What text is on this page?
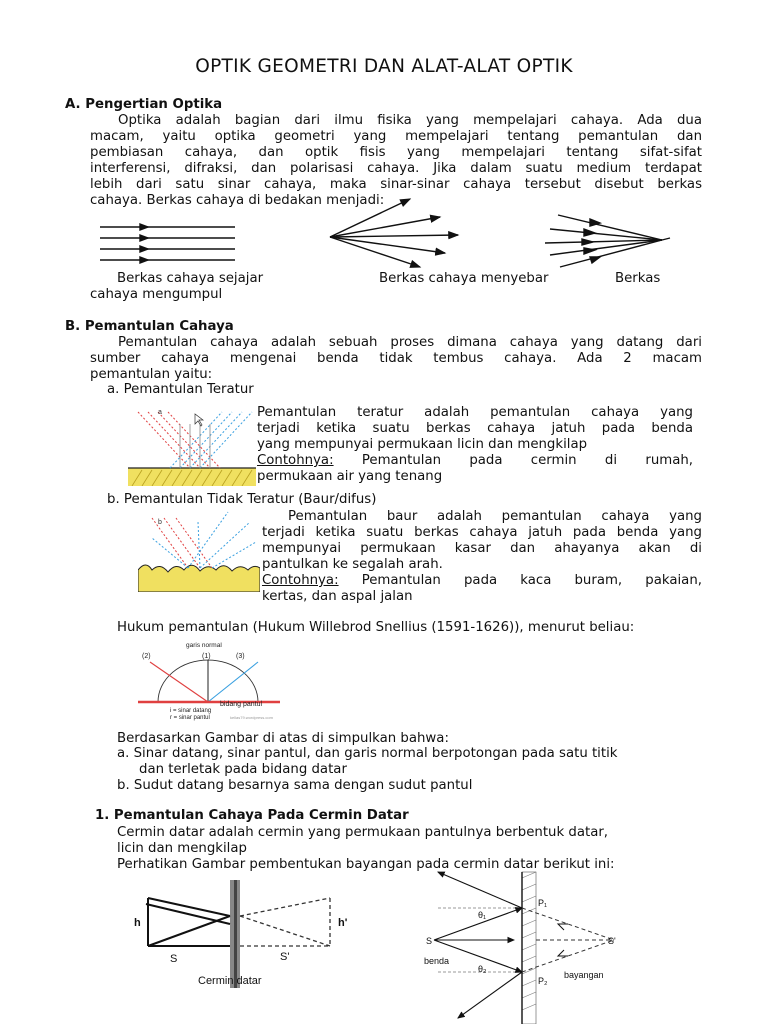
OPTIK GEOMETRI DAN ALAT-ALAT OPTIK
A. Pengertian Optika
Optika adalah bagian dari ilmu fisika yang mempelajari cahaya. Ada dua
macam, yaitu optika geometri yang mempelajari tentang pemantulan dan
pembiasan cahaya, dan optik fisis yang mempelajari tentang sifat-sifat
interferensi, difraksi, dan polarisasi cahaya. Jika dalam suatu medium terdapat
lebih dari satu sinar cahaya, maka sinar-sinar cahaya tersebut disebut berkas
cahaya. Berkas cahaya di bedakan menjadi:
Berkas cahaya sejajar	Berkas cahaya menyebar	Berkas
cahaya mengumpul
B. Pemantulan Cahaya
Pemantulan cahaya adalah sebuah proses dimana cahaya yang datang dari
sumber cahaya mengenai benda tidak tembus cahaya. Ada 2 macam
pemantulan yaitu:
a. Pemantulan Teratur
a	Pemantulan teratur adalah pemantulan cahaya yang
terjadi ketika suatu berkas cahaya jatuh pada benda
yang mempunyai permukaan licin dan mengkilap
Contohnya: Pemantulan pada cermin di rumah,
permukaan air yang tenang
b. Pemantulan Tidak Teratur (Baur/difus)
b	Pemantulan baur adalah pemantulan cahaya yang
terjadi ketika suatu berkas cahaya jatuh pada benda yang
mempunyai permukaan kasar dan ahayanya akan di
pantulkan ke segalah arah.
Contohnya: Pemantulan pada kaca buram, pakaian,
kertas, dan aspal jalan
Hukum pemantulan (Hukum Willebrod Snellius (1591-1626)), menurut beliau:
garis normal
(1)
(2)	(3)
bidang pantul
i = sinar datang
r = sinar pantul	kellas79.wordpress.com
Berdasarkan Gambar di atas di simpulkan bahwa:
a. Sinar datang, sinar pantul, dan garis normal berpotongan pada satu titik
dan terletak pada bidang datar
b. Sudut datang besarnya sama dengan sudut pantul
1. Pemantulan Cahaya Pada Cermin Datar
Cermin datar adalah cermin yang permukaan pantulnya berbentuk datar,
licin dan mengkilap
Perhatikan Gambar pembentukan bayangan pada cermin datar berikut ini:
h	h'
S	S'
Cermin datar
P₁
P₂
θ₁
θ₂
S	S'
benda
bayangan
